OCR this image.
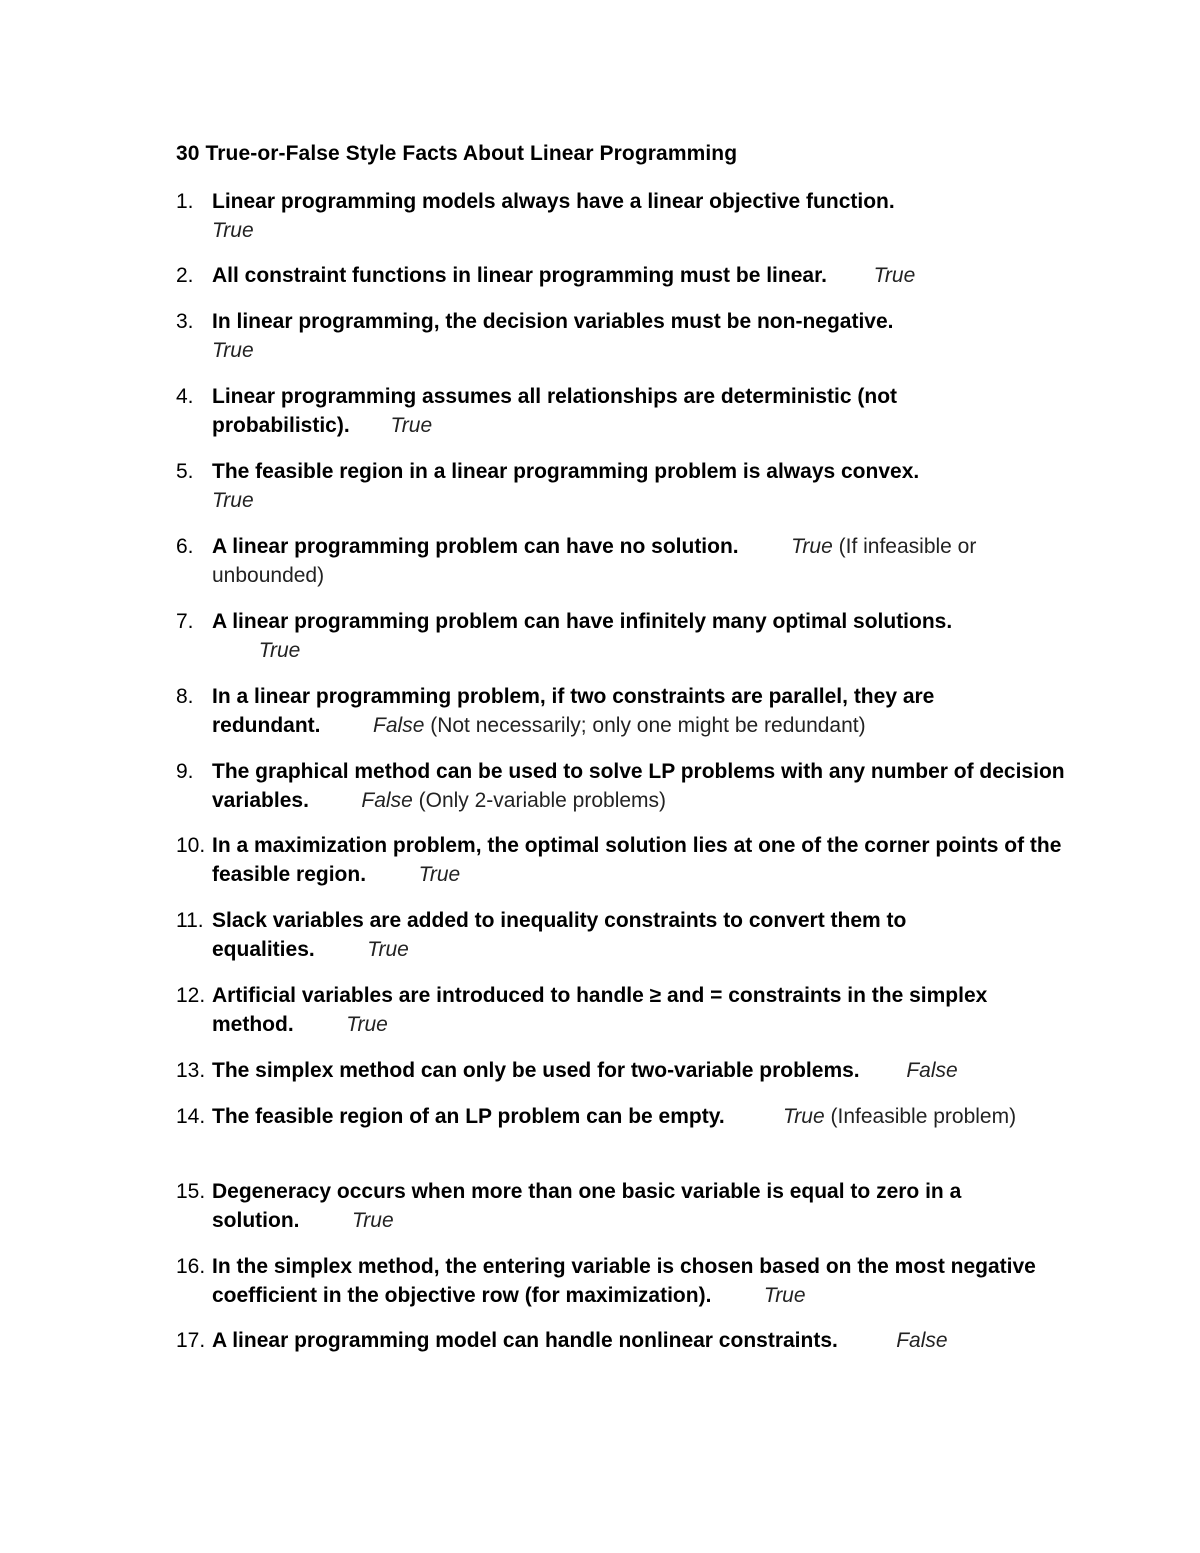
30 True-or-False Style Facts About Linear Programming
1. Linear programming models always have a linear objective function.
True
2. All constraint functions in linear programming must be linear. True
3. In linear programming, the decision variables must be non-negative.
True
4. Linear programming assumes all relationships are deterministic (not probabilistic). True
5. The feasible region in a linear programming problem is always convex.
True
6. A linear programming problem can have no solution.	True (If infeasible or unbounded)
7. A linear programming problem can have infinitely many optimal solutions.
True
8. In a linear programming problem, if two constraints are parallel, they are redundant.	False (Not necessarily; only one might be redundant)
9. The graphical method can be used to solve LP problems with any number of decision variables.	False (Only 2-variable problems)
10. In a maximization problem, the optimal solution lies at one of the corner points of the feasible region.	True
11. Slack variables are added to inequality constraints to convert them to equalities.	True
12. Artificial variables are introduced to handle ≥ and = constraints in the simplex method.	True
13. The simplex method can only be used for two-variable problems. False
14. The feasible region of an LP problem can be empty.	True (Infeasible problem)
15. Degeneracy occurs when more than one basic variable is equal to zero in a solution.	True
16. In the simplex method, the entering variable is chosen based on the most negative coefficient in the objective row (for maximization).	True
17. A linear programming model can handle nonlinear constraints.	False
